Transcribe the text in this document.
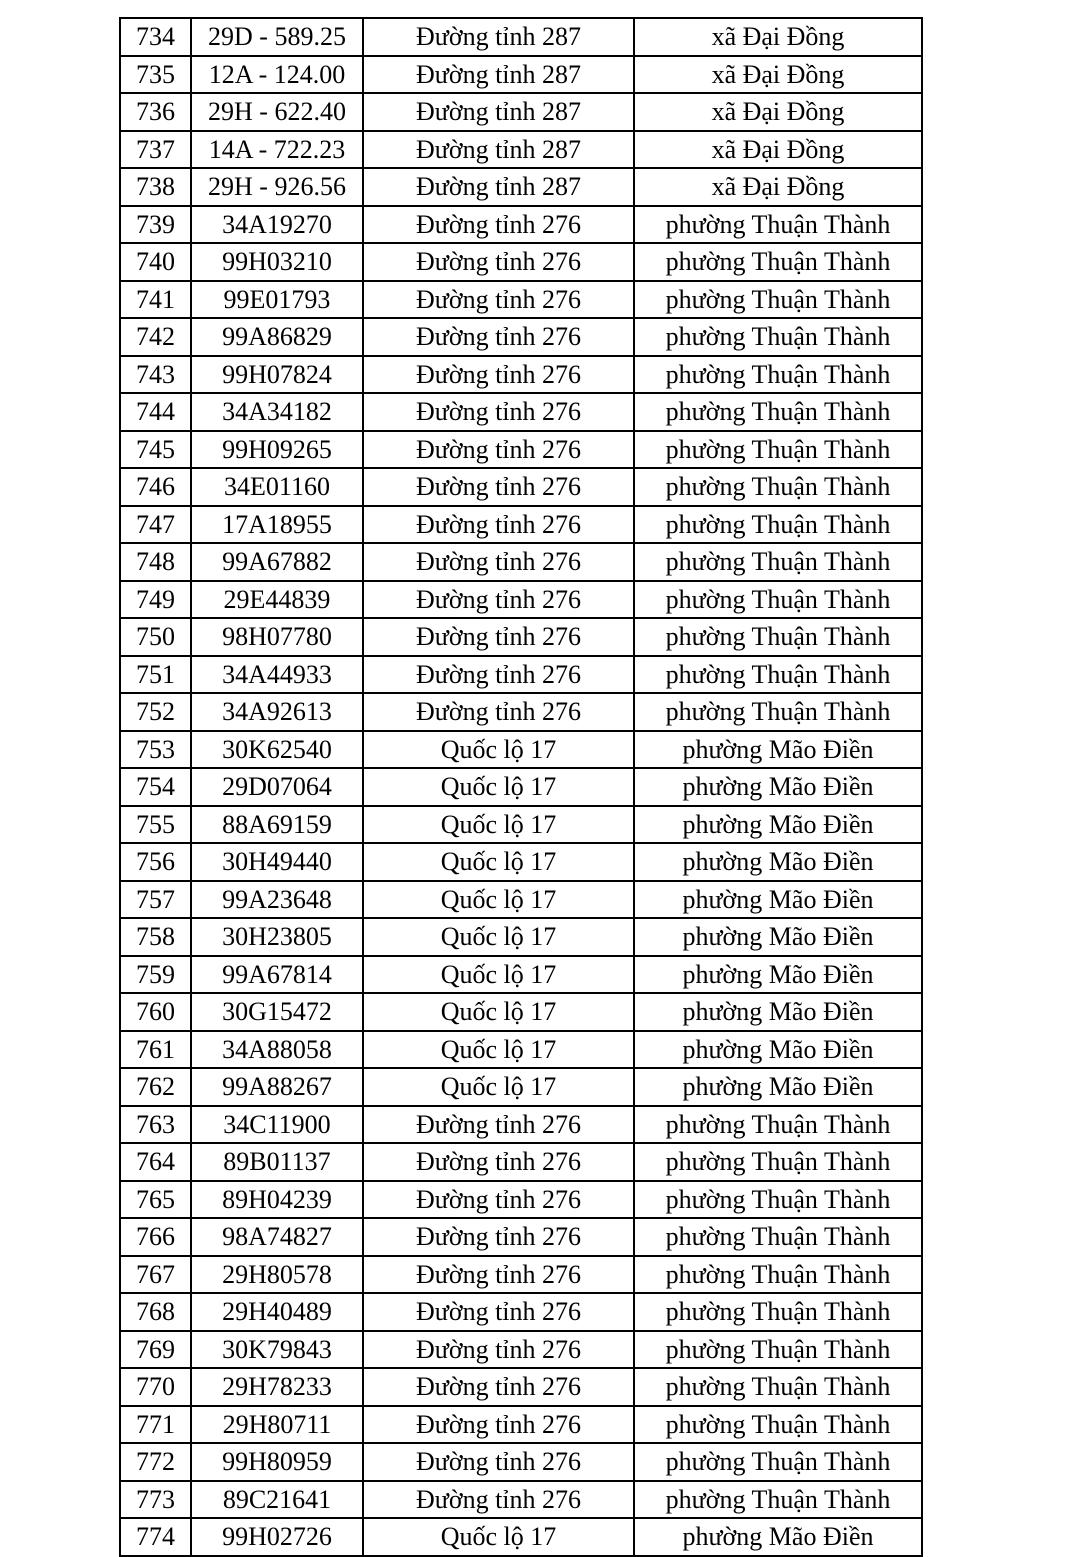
734	29D - 589.25	Đường tỉnh 287	xã Đại Đồng
735	12A - 124.00	Đường tỉnh 287	xã Đại Đồng
736	29H - 622.40	Đường tỉnh 287	xã Đại Đồng
737	14A - 722.23	Đường tỉnh 287	xã Đại Đồng
738	29H - 926.56	Đường tỉnh 287	xã Đại Đồng
739	34A19270	Đường tỉnh 276	phường Thuận Thành
740	99H03210	Đường tỉnh 276	phường Thuận Thành
741	99E01793	Đường tỉnh 276	phường Thuận Thành
742	99A86829	Đường tỉnh 276	phường Thuận Thành
743	99H07824	Đường tỉnh 276	phường Thuận Thành
744	34A34182	Đường tỉnh 276	phường Thuận Thành
745	99H09265	Đường tỉnh 276	phường Thuận Thành
746	34E01160	Đường tỉnh 276	phường Thuận Thành
747	17A18955	Đường tỉnh 276	phường Thuận Thành
748	99A67882	Đường tỉnh 276	phường Thuận Thành
749	29E44839	Đường tỉnh 276	phường Thuận Thành
750	98H07780	Đường tỉnh 276	phường Thuận Thành
751	34A44933	Đường tỉnh 276	phường Thuận Thành
752	34A92613	Đường tỉnh 276	phường Thuận Thành
753	30K62540	Quốc lộ 17	phường Mão Điền
754	29D07064	Quốc lộ 17	phường Mão Điền
755	88A69159	Quốc lộ 17	phường Mão Điền
756	30H49440	Quốc lộ 17	phường Mão Điền
757	99A23648	Quốc lộ 17	phường Mão Điền
758	30H23805	Quốc lộ 17	phường Mão Điền
759	99A67814	Quốc lộ 17	phường Mão Điền
760	30G15472	Quốc lộ 17	phường Mão Điền
761	34A88058	Quốc lộ 17	phường Mão Điền
762	99A88267	Quốc lộ 17	phường Mão Điền
763	34C11900	Đường tỉnh 276	phường Thuận Thành
764	89B01137	Đường tỉnh 276	phường Thuận Thành
765	89H04239	Đường tỉnh 276	phường Thuận Thành
766	98A74827	Đường tỉnh 276	phường Thuận Thành
767	29H80578	Đường tỉnh 276	phường Thuận Thành
768	29H40489	Đường tỉnh 276	phường Thuận Thành
769	30K79843	Đường tỉnh 276	phường Thuận Thành
770	29H78233	Đường tỉnh 276	phường Thuận Thành
771	29H80711	Đường tỉnh 276	phường Thuận Thành
772	99H80959	Đường tỉnh 276	phường Thuận Thành
773	89C21641	Đường tỉnh 276	phường Thuận Thành
774	99H02726	Quốc lộ 17	phường Mão Điền
